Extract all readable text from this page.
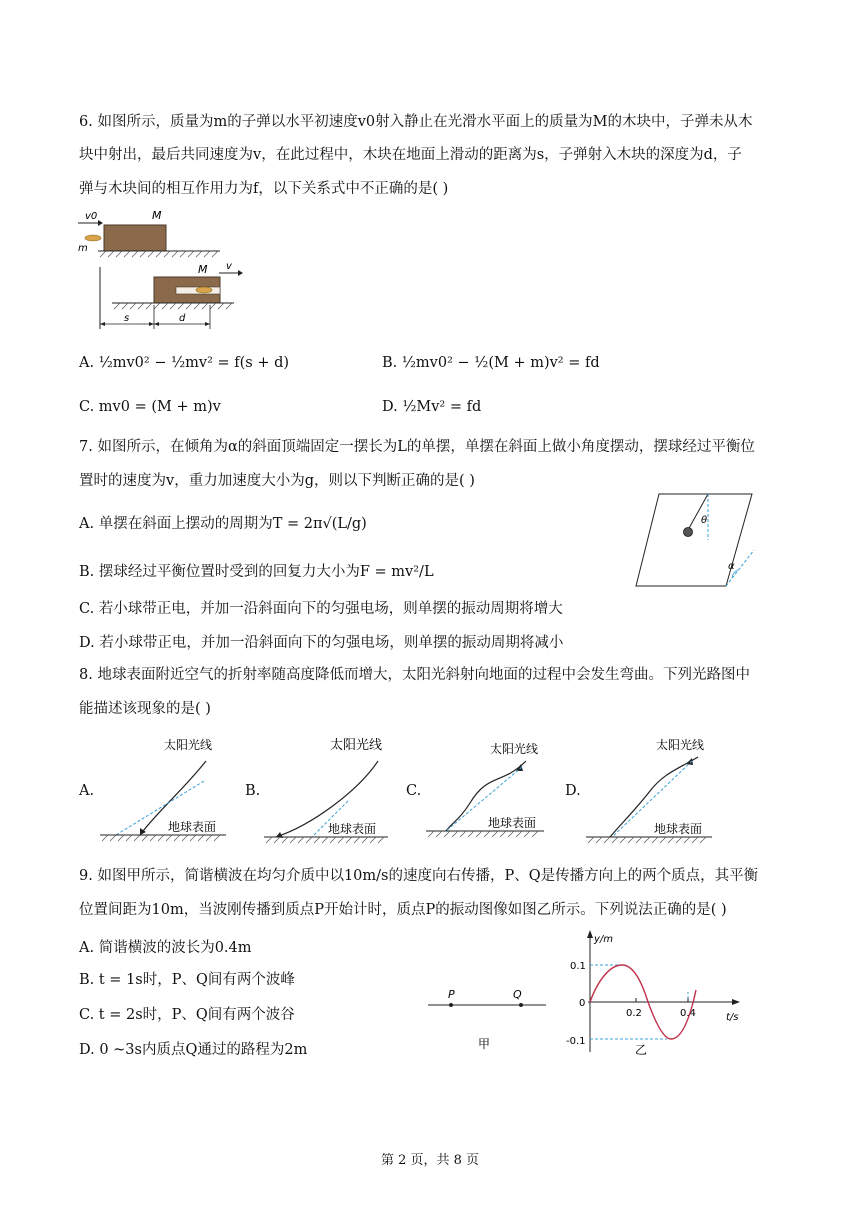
6. 如图所示，质量为m的子弹以水平初速度v0射入静止在光滑水平面上的质量为M的木块中，子弹未从木
块中射出，最后共同速度为v，在此过程中，木块在地面上滑动的距离为s，子弹射入木块的深度为d，子
弹与木块间的相互作用力为f，以下关系式中不正确的是( )
v0	M
m
M v
s	d
A. ½mv0² − ½mv² = f(s + d)	B. ½mv0² − ½(M + m)v² = fd
C. mv0 = (M + m)v	D. ½Mv² = fd
7. 如图所示，在倾角为α的斜面顶端固定一摆长为L的单摆，单摆在斜面上做小角度摆动，摆球经过平衡位
置时的速度为v，重力加速度大小为g，则以下判断正确的是( )
A. 单摆在斜面上摆动的周期为T = 2π√(L/g)
B. 摆球经过平衡位置时受到的回复力大小为F = mv²/L
C. 若小球带正电，并加一沿斜面向下的匀强电场，则单摆的振动周期将增大
D. 若小球带正电，并加一沿斜面向下的匀强电场，则单摆的振动周期将减小
θ
α
8. 地球表面附近空气的折射率随高度降低而增大，太阳光斜射向地面的过程中会发生弯曲。下列光路图中
能描述该现象的是( )
A.
太阳光线
地球表面
B.
太阳光线
地球表面
C.
太阳光线
地球表面
D.
太阳光线
地球表面
9. 如图甲所示，简谐横波在均匀介质中以10m/s的速度向右传播，P、Q是传播方向上的两个质点，其平衡
位置间距为10m，当波刚传播到质点P开始计时，质点P的振动图像如图乙所示。下列说法正确的是( )
A. 简谐横波的波长为0.4m
B. t = 1s时，P、Q间有两个波峰
C. t = 2s时，P、Q间有两个波谷
D. 0 ~3s内质点Q通过的路程为2m
P	Q
甲
y/m
t/s
0.1
0
-0.1
0.2	0.4
乙
第 2 页，共 8 页
